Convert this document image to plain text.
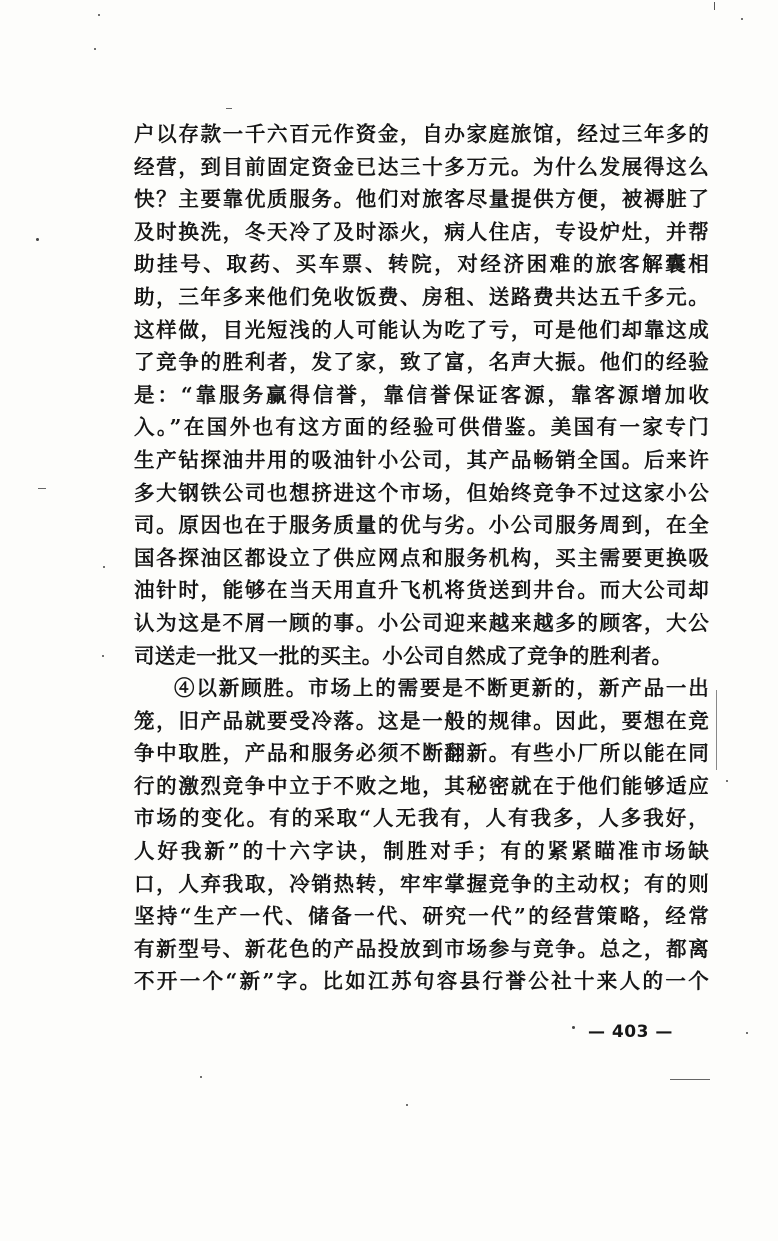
户以存款一千六百元作资金，自办家庭旅馆，经过三年多的
经营，到目前固定资金已达三十多万元。为什么发展得这么
快？主要靠优质服务。他们对旅客尽量提供方便，被褥脏了
及时换洗，冬天冷了及时添火，病人住店，专设炉灶，并帮
助挂号、取药、买车票、转院，对经济困难的旅客解囊相
助，三年多来他们免收饭费、房租、送路费共达五千多元。
这样做，目光短浅的人可能认为吃了亏，可是他们却靠这成
了竞争的胜利者，发了家，致了富，名声大振。他们的经验
是：“靠服务赢得信誉，靠信誉保证客源，靠客源增加收
入。”在国外也有这方面的经验可供借鉴。美国有一家专门
生产钻探油井用的吸油针小公司，其产品畅销全国。后来许
多大钢铁公司也想挤进这个市场，但始终竞争不过这家小公
司。原因也在于服务质量的优与劣。小公司服务周到，在全
国各探油区都设立了供应网点和服务机构，买主需要更换吸
油针时，能够在当天用直升飞机将货送到井台。而大公司却
认为这是不屑一顾的事。小公司迎来越来越多的顾客，大公
司送走一批又一批的买主。小公司自然成了竞争的胜利者。
④以新顾胜。市场上的需要是不断更新的，新产品一出
笼，旧产品就要受冷落。这是一般的规律。因此，要想在竞
争中取胜，产品和服务必须不断翻新。有些小厂所以能在同
行的激烈竞争中立于不败之地，其秘密就在于他们能够适应
市场的变化。有的采取“人无我有，人有我多，人多我好，
人好我新”的十六字诀，制胜对手；有的紧紧瞄准市场缺
口，人弃我取，冷销热转，牢牢掌握竞争的主动权；有的则
坚持“生产一代、储备一代、研究一代”的经营策略，经常
有新型号、新花色的产品投放到市场参与竞争。总之，都离
不开一个“新”字。比如江苏句容县行誉公社十来人的一个
— 403 —
